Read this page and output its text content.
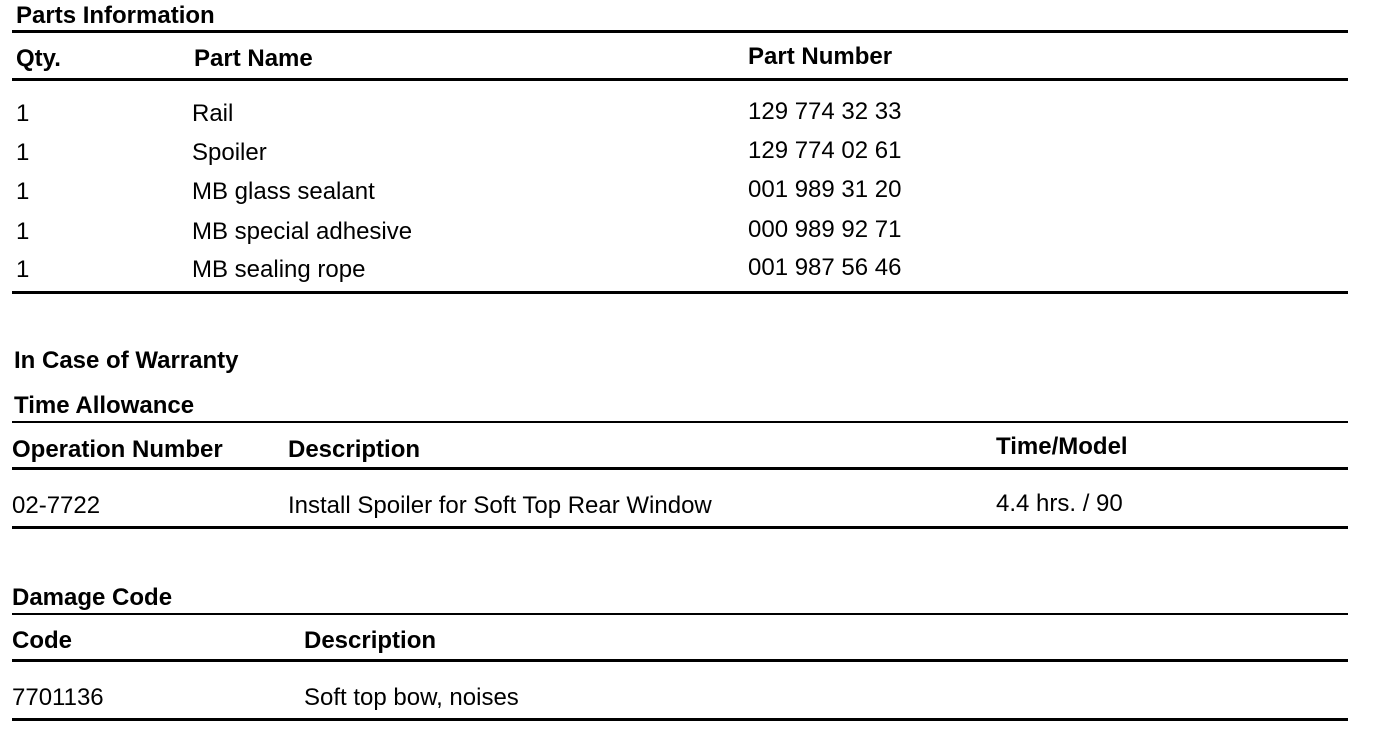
Parts Information
Qty.	Part Name	Part Number
1	Rail	129 774 32 33
1	Spoiler	129 774 02 61
1	MB glass sealant	001 989 31 20
1	MB special adhesive	000 989 92 71
1	MB sealing rope	001 987 56 46
In Case of Warranty
Time Allowance
Operation Number	Description	Time/Model
02-7722	Install Spoiler for Soft Top Rear Window	4.4 hrs. / 90
Damage Code
Code	Description
7701136	Soft top bow, noises
